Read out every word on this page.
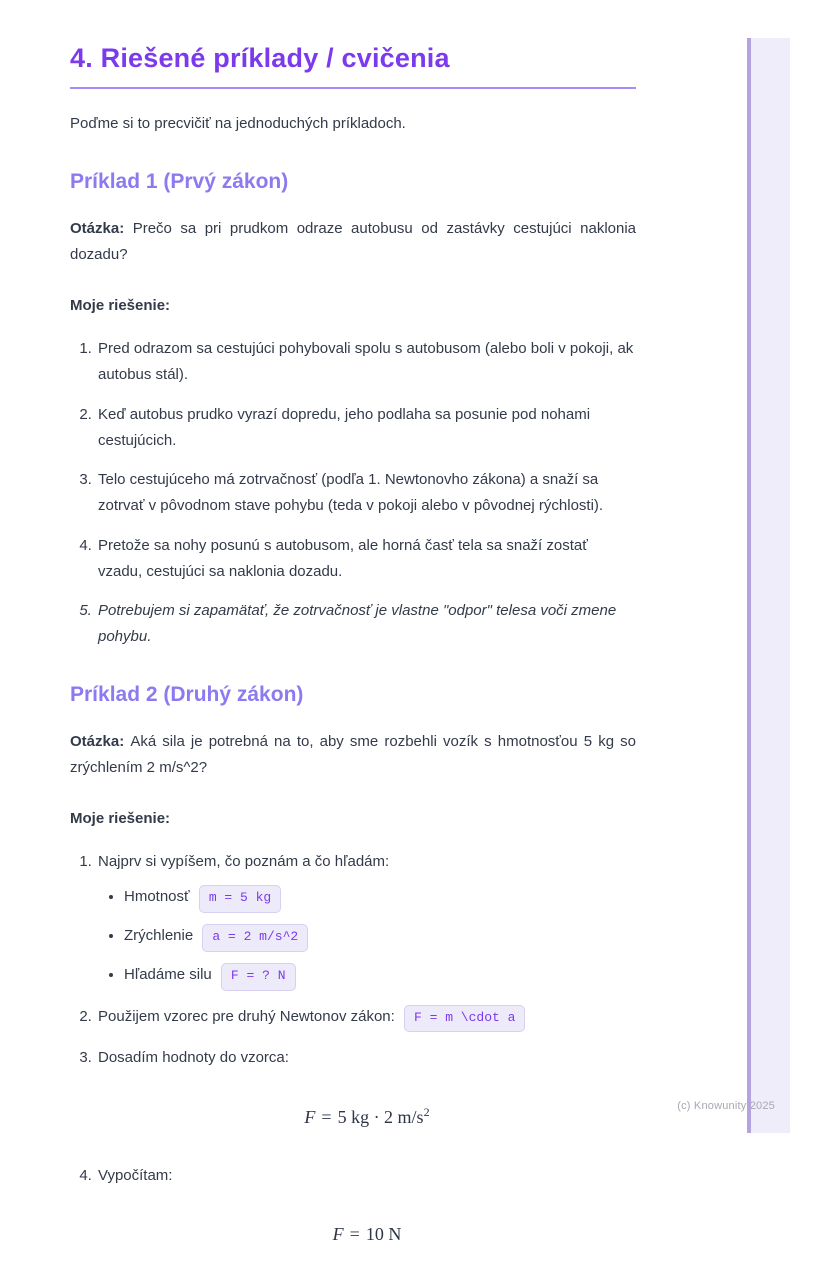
4. Riešené príklady / cvičenia

Poďme si to precvičiť na jednoduchých príkladoch.

Príklad 1 (Prvý zákon)

Otázka: Prečo sa pri prudkom odraze autobusu od zastávky cestujúci naklonia dozadu?

Moje riešenie:

1. Pred odrazom sa cestujúci pohybovali spolu s autobusom (alebo boli v pokoji, ak autobus stál).
2. Keď autobus prudko vyrazí dopredu, jeho podlaha sa posunie pod nohami cestujúcich.
3. Telo cestujúceho má zotrvačnosť (podľa 1. Newtonovho zákona) a snaží sa zotrvať v pôvodnom stave pohybu (teda v pokoji alebo v pôvodnej rýchlosti).
4. Pretože sa nohy posunú s autobusom, ale horná časť tela sa snaží zostať vzadu, cestujúci sa naklonia dozadu.
5. Potrebujem si zapamätať, že zotrvačnosť je vlastne "odpor" telesa voči zmene pohybu.
Príklad 2 (Druhý zákon)

Otázka: Aká sila je potrebná na to, aby sme rozbehli vozík s hmotnosťou 5 kg so zrýchlením 2 m/s^2?

Moje riešenie:

1. Najprv si vypíšem, čo poznám a čo hľadám:
• Hmotnosť m = 5 kg
• Zrýchlenie a = 2 m/s^2
• Hľadáme silu F = ? N
2. Použijem vzorec pre druhý Newtonov zákon: F = m \cdot a
3. Dosadím hodnoty do vzorca:
F = 5 kg · 2 $m/s^2$
4. Vypočítam:
F = 10 N
(c) Knowunity 2025
